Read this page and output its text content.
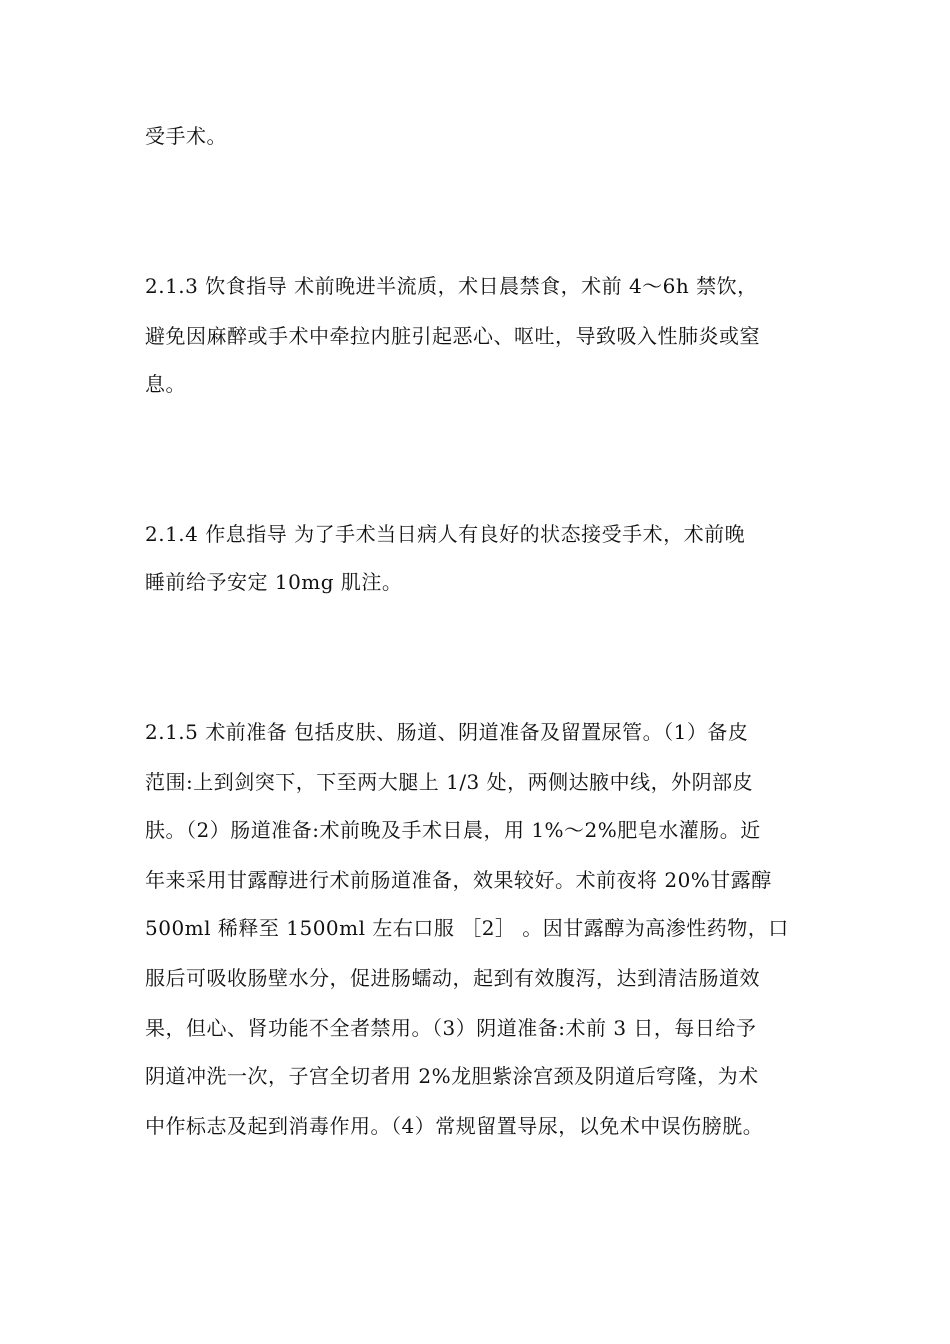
受手术。
2.1.3 饮食指导 术前晚进半流质，术日晨禁食，术前 4～6h 禁饮，
避免因麻醉或手术中牵拉内脏引起恶心、呕吐，导致吸入性肺炎或窒
息。
2.1.4 作息指导 为了手术当日病人有良好的状态接受手术，术前晚
睡前给予安定 10mg 肌注。
2.1.5 术前准备 包括皮肤、肠道、阴道准备及留置尿管。（1）备皮
范围:上到剑突下，下至两大腿上 1/3 处，两侧达腋中线，外阴部皮
肤。（2）肠道准备:术前晚及手术日晨，用 1%～2%肥皂水灌肠。近
年来采用甘露醇进行术前肠道准备，效果较好。术前夜将 20%甘露醇
500ml 稀释至 1500ml 左右口服 ［2］ 。因甘露醇为高渗性药物，口
服后可吸收肠壁水分，促进肠蠕动，起到有效腹泻，达到清洁肠道效
果，但心、肾功能不全者禁用。（3）阴道准备:术前 3 日，每日给予
阴道冲洗一次，子宫全切者用 2%龙胆紫涂宫颈及阴道后穹隆，为术
中作标志及起到消毒作用。（4）常规留置导尿，以免术中误伤膀胱。
